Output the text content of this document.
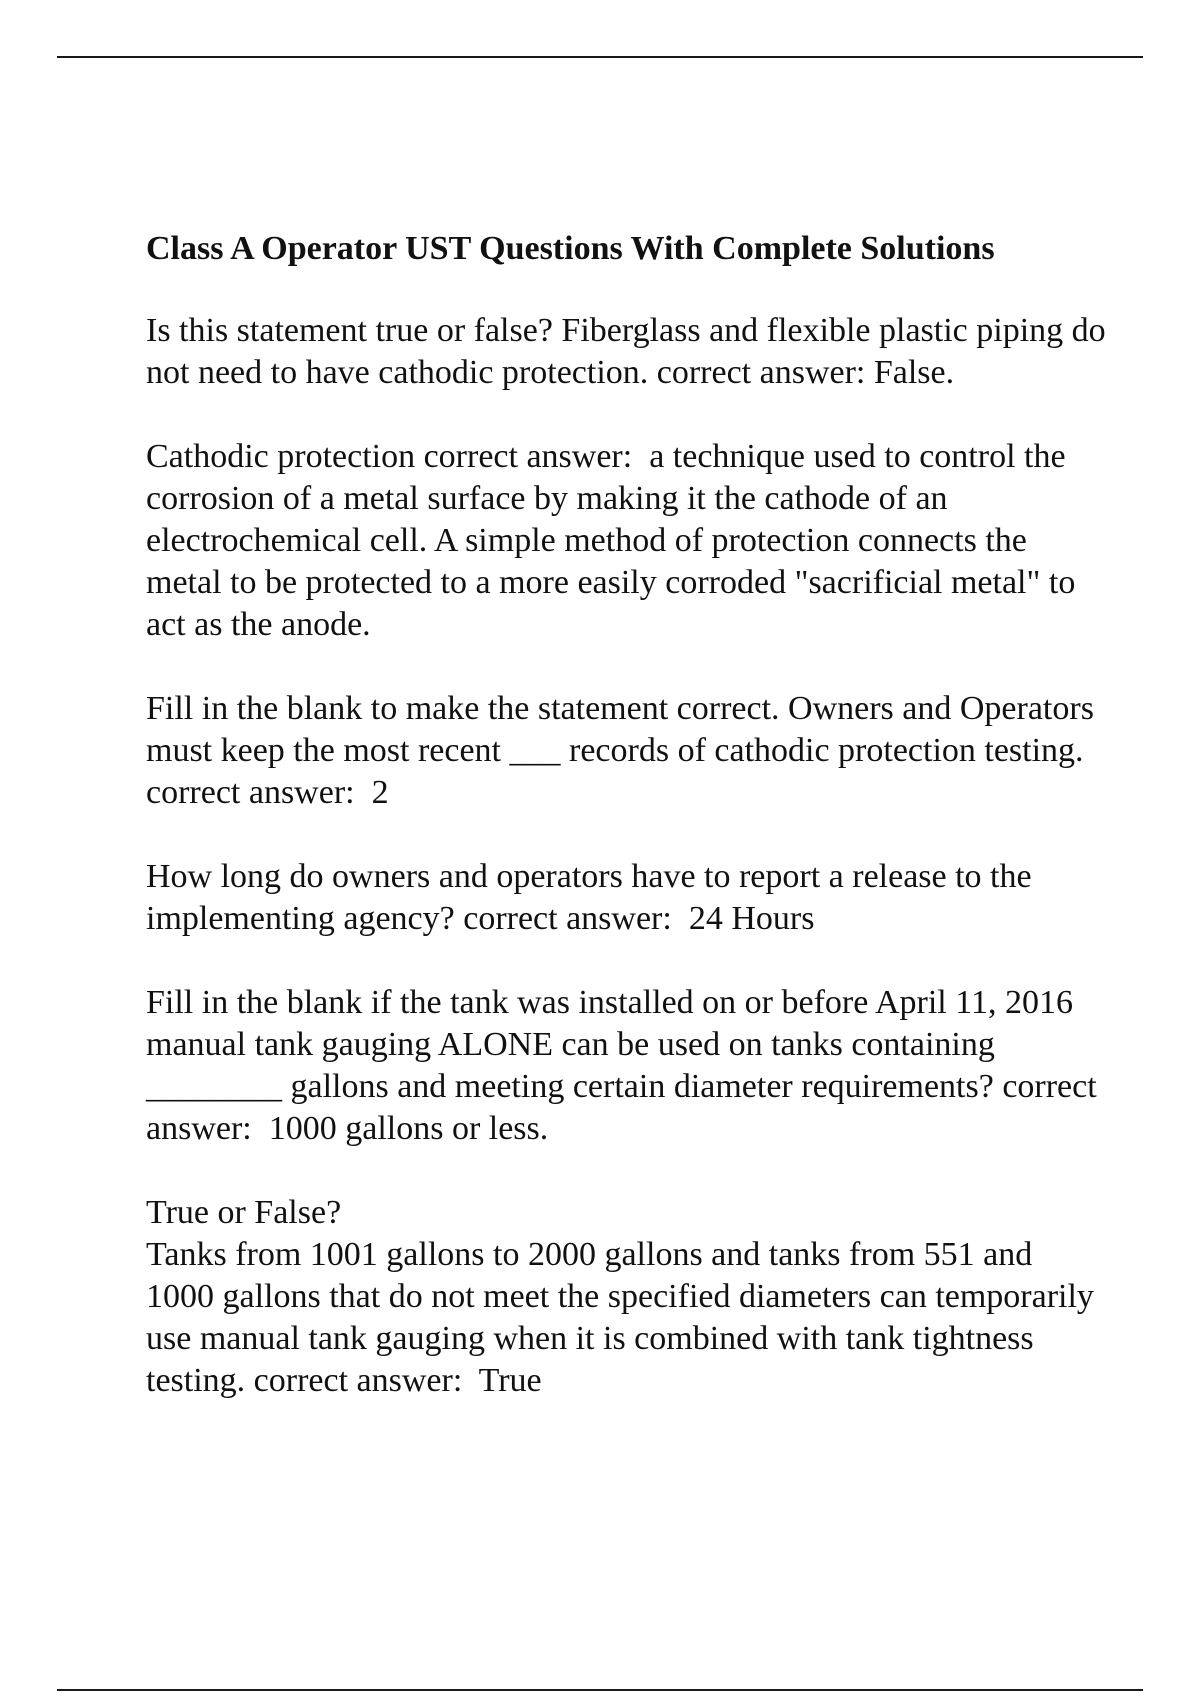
Class A Operator UST Questions With Complete Solutions
Is this statement true or false? Fiberglass and flexible plastic piping do not need to have cathodic protection. correct answer: False.
Cathodic protection correct answer:  a technique used to control the corrosion of a metal surface by making it the cathode of an electrochemical cell. A simple method of protection connects the metal to be protected to a more easily corroded "sacrificial metal" to act as the anode.
Fill in the blank to make the statement correct. Owners and Operators must keep the most recent ___ records of cathodic protection testing. correct answer:  2
How long do owners and operators have to report a release to the implementing agency? correct answer:  24 Hours
Fill in the blank if the tank was installed on or before April 11, 2016 manual tank gauging ALONE can be used on tanks containing ________ gallons and meeting certain diameter requirements? correct answer:  1000 gallons or less.
True or False?
Tanks from 1001 gallons to 2000 gallons and tanks from 551 and 1000 gallons that do not meet the specified diameters can temporarily use manual tank gauging when it is combined with tank tightness testing. correct answer:  True
